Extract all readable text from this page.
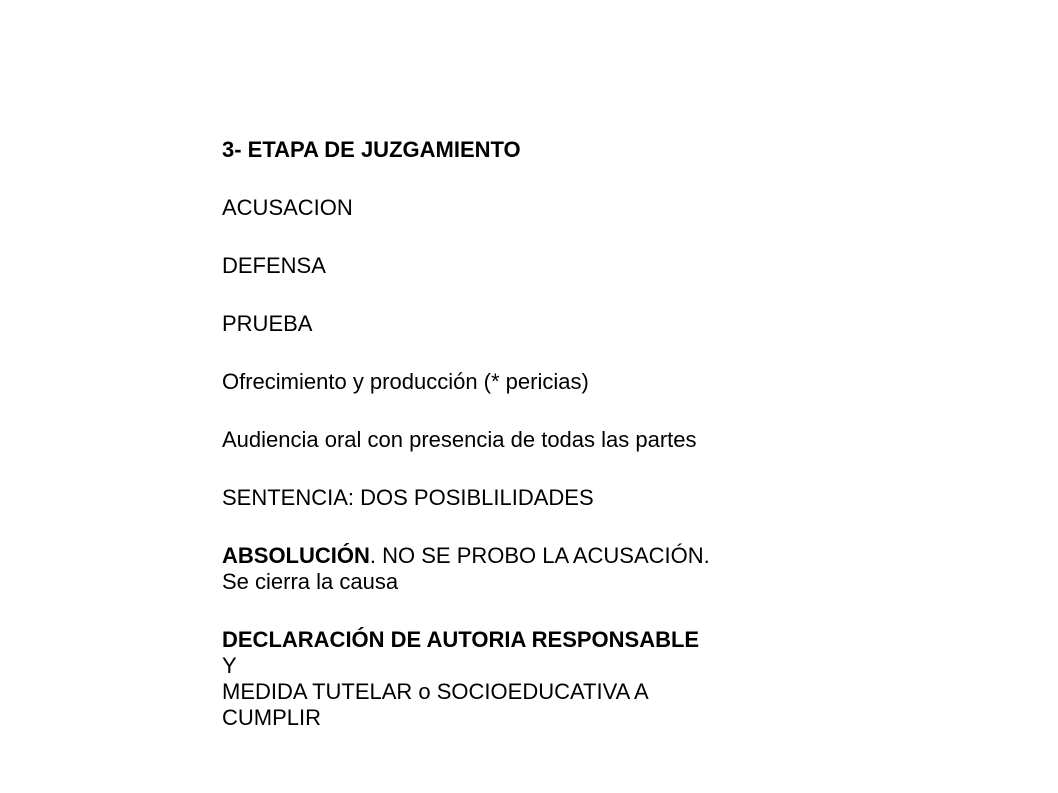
3- ETAPA DE JUZGAMIENTO
ACUSACION
DEFENSA
PRUEBA
Ofrecimiento y producción (* pericias)
Audiencia oral con presencia de todas las partes
SENTENCIA: DOS POSIBLILIDADES
ABSOLUCIÓN. NO SE PROBO LA ACUSACIÓN.
Se cierra la causa
DECLARACIÓN DE AUTORIA RESPONSABLE
Y
MEDIDA TUTELAR o SOCIOEDUCATIVA A
CUMPLIR
